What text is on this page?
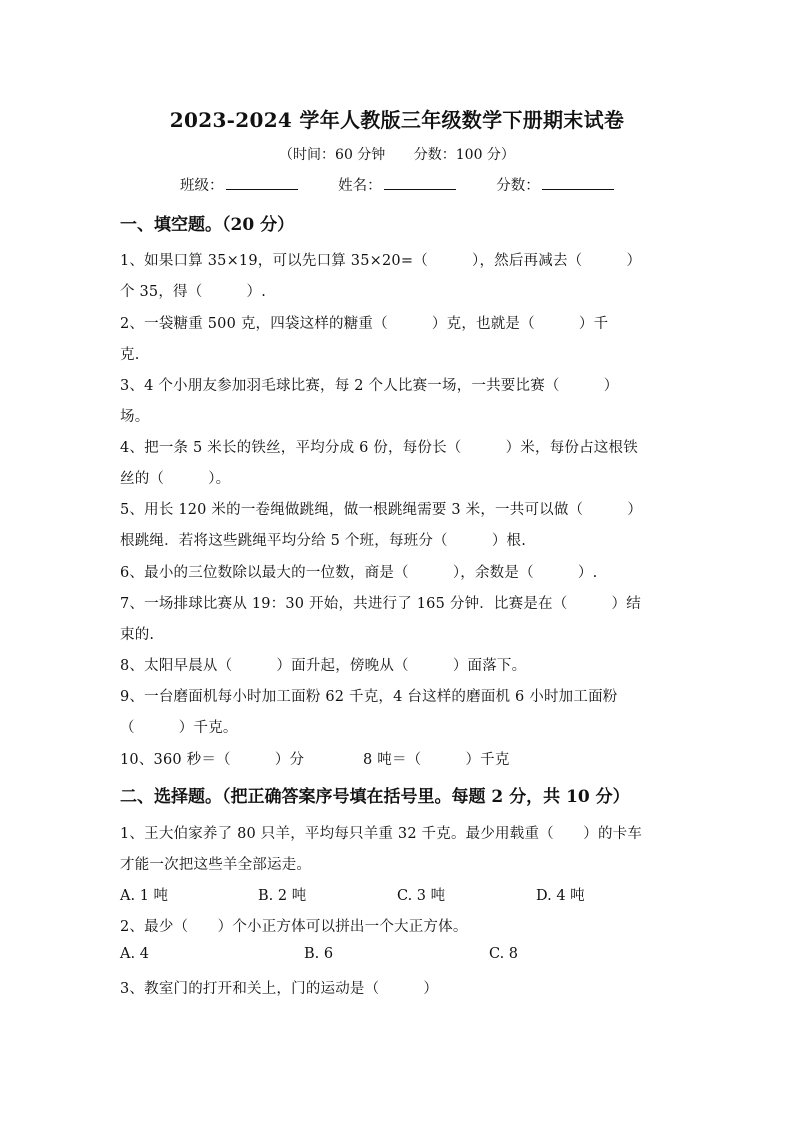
2023-2024 学年人教版三年级数学下册期末试卷
（时间：60 分钟 分数：100 分）
班级：	姓名：	分数：
一、填空题。（20 分）
1、如果口算 35×19，可以先口算 35×20=（　　　），然后再减去（　　　）
个 35，得（　　　）.
2、一袋糖重 500 克，四袋这样的糖重（　　　）克，也就是（　　　）千
克.
3、4 个小朋友参加羽毛球比赛，每 2 个人比赛一场，一共要比赛（　　　）
场。
4、把一条 5 米长的铁丝，平均分成 6 份，每份长（　　　）米，每份占这根铁
丝的（　　　）。
5、用长 120 米的一卷绳做跳绳，做一根跳绳需要 3 米，一共可以做（　　　）
根跳绳．若将这些跳绳平均分给 5 个班，每班分（　　　）根.
6、最小的三位数除以最大的一位数，商是（　　　），余数是（　　　）.
7、一场排球比赛从 19：30 开始，共进行了 165 分钟．比赛是在（　　　）结
束的.
8、太阳早晨从（　　　）面升起，傍晚从（　　　）面落下。
9、一台磨面机每小时加工面粉 62 千克，4 台这样的磨面机 6 小时加工面粉
（　　　）千克。
10、360 秒＝（　　　）分　　　　8 吨＝（　　　）千克
二、选择题。（把正确答案序号填在括号里。每题 2 分，共 10 分）
1、王大伯家养了 80 只羊，平均每只羊重 32 千克。最少用载重（　　）的卡车
才能一次把这些羊全部运走。
A. 1 吨	B. 2 吨	C. 3 吨	D. 4 吨
2、最少（　　）个小正方体可以拼出一个大正方体。
A. 4	B. 6	C. 8
3、教室门的打开和关上，门的运动是（　　　）
